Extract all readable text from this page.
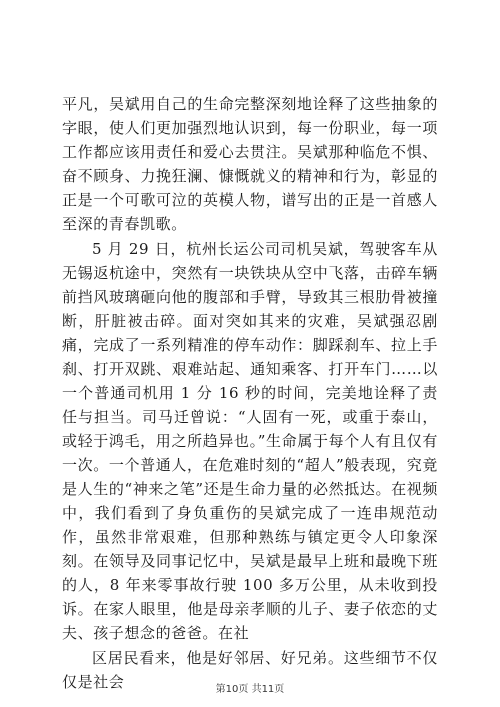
平凡，吴斌用自己的生命完整深刻地诠释了这些抽象的字眼，使人们更加强烈地认识到，每一份职业，每一项工作都应该用责任和爱心去贯注。吴斌那种临危不惧、奋不顾身、力挽狂澜、慷慨就义的精神和行为，彰显的正是一个可歌可泣的英模人物，谱写出的正是一首感人至深的青春凯歌。

5 月 29 日，杭州长运公司司机吴斌，驾驶客车从无锡返杭途中，突然有一块铁块从空中飞落，击碎车辆前挡风玻璃砸向他的腹部和手臂，导致其三根肋骨被撞断，肝脏被击碎。面对突如其来的灾难，吴斌强忍剧痛，完成了一系列精准的停车动作：脚踩刹车、拉上手刹、打开双跳、艰难站起、通知乘客、打开车门……以一个普通司机用 1 分 16 秒的时间，完美地诠释了责任与担当。司马迁曾说：“人固有一死，或重于泰山，或轻于鸿毛，用之所趋异也。”生命属于每个人有且仅有一次。一个普通人，在危难时刻的“超人”般表现，究竟是人生的“神来之笔”还是生命力量的必然抵达。在视频中，我们看到了身负重伤的吴斌完成了一连串规范动作，虽然非常艰难，但那种熟练与镇定更令人印象深刻。在领导及同事记忆中，吴斌是最早上班和最晚下班的人，8 年来零事故行驶 100 多万公里，从未收到投诉。在家人眼里，他是母亲孝顺的儿子、妻子依恋的丈夫、孩子想念的爸爸。在社

区居民看来，他是好邻居、好兄弟。这些细节不仅仅是社会	第10页 共11页
